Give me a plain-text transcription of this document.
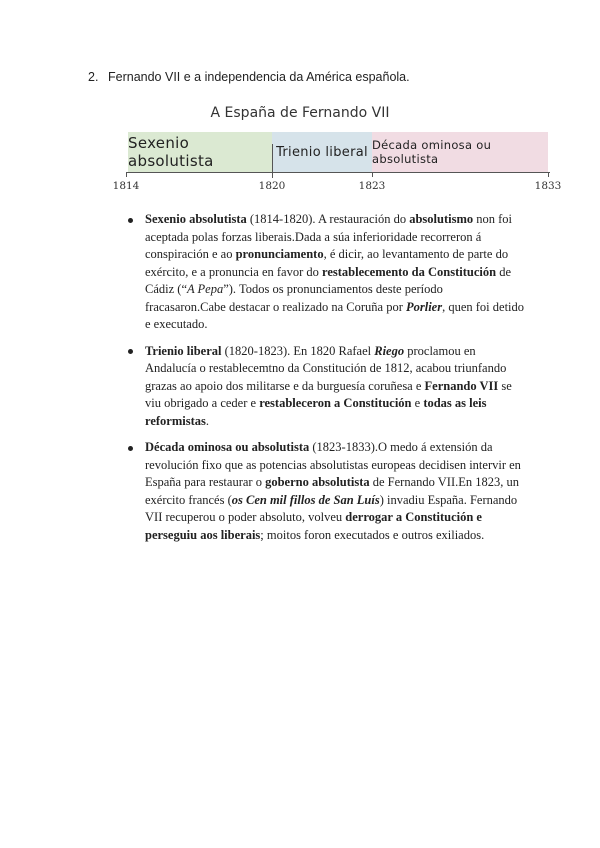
2. Fernando VII e a independencia da América española.
A España de Fernando VII
Sexenio absolutista	Trienio liberal Década ominosa ou absolutista
1814	1820	1823	1833
Sexenio absolutista (1814-1820). A restauración do absolutismo non foi aceptada polas forzas liberais.Dada a súa inferioridade recorreron á conspiración e ao pronunciamento, é dicir, ao levantamento de parte do exército, e a pronuncia en favor do restablecemento da Constitución de Cádiz (“A Pepa”). Todos os pronunciamentos deste período fracasaron.Cabe destacar o realizado na Coruña por Porlier, quen foi detido e executado.
Trienio liberal (1820-1823). En 1820 Rafael Riego proclamou en Andalucía o restablecemtno da Constitución de 1812, acabou triunfando grazas ao apoio dos militarse e da burguesía coruñesa e Fernando VII se viu obrigado a ceder e restableceron a Constitución e todas as leis reformistas.
Década ominosa ou absolutista (1823-1833).O medo á extensión da revolución fixo que as potencias absolutistas europeas decidisen intervir en España para restaurar o goberno absolutista de Fernando VII.En 1823, un exército francés (os Cen mil fillos de San Luís) invadiu España. Fernando VII recuperou o poder absoluto, volveu derrogar a Constitución e perseguiu aos liberais; moitos foron executados e outros exiliados.
